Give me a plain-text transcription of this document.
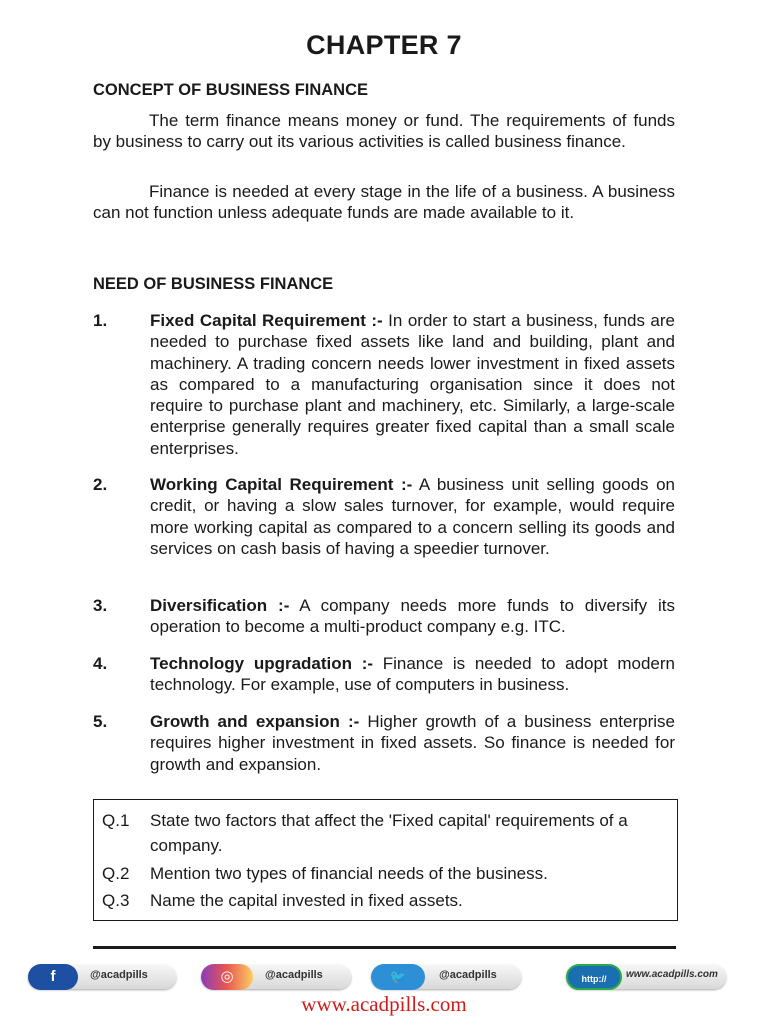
CHAPTER 7
CONCEPT OF BUSINESS FINANCE
The term finance means money or fund. The requirements of funds by business to carry out its various activities is called business finance.
Finance is needed at every stage in the life of a business. A business can not function unless adequate funds are made available to it.
NEED OF BUSINESS FINANCE
1.	Fixed Capital Requirement :- In order to start a business, funds are needed to purchase fixed assets like land and building, plant and machinery. A trading concern needs lower investment in fixed assets as compared to a manufacturing organisation since it does not require to purchase plant and machinery, etc. Similarly, a large-scale enterprise generally requires greater fixed capital than a small scale enterprises.
2.	Working Capital Requirement :- A business unit selling goods on credit, or having a slow sales turnover, for example, would require more working capital as compared to a concern selling its goods and services on cash basis of having a speedier turnover.
3.	Diversification :- A company needs more funds to diversify its operation to become a multi-product company e.g. ITC.
4.	Technology upgradation :- Finance is needed to adopt modern technology. For example, use of computers in business.
5.	Growth and expansion :- Higher growth of a business enterprise requires higher investment in fixed assets. So finance is needed for growth and expansion.
Q.1 State two factors that affect the 'Fixed capital' requirements of a company.
Q.2 Mention two types of financial needs of the business.
Q.3 Name the capital invested in fixed assets.
f	@acadpills	◎	@acadpills	🐦	@acadpills	http://	www.acadpills.com
www.acadpills.com
